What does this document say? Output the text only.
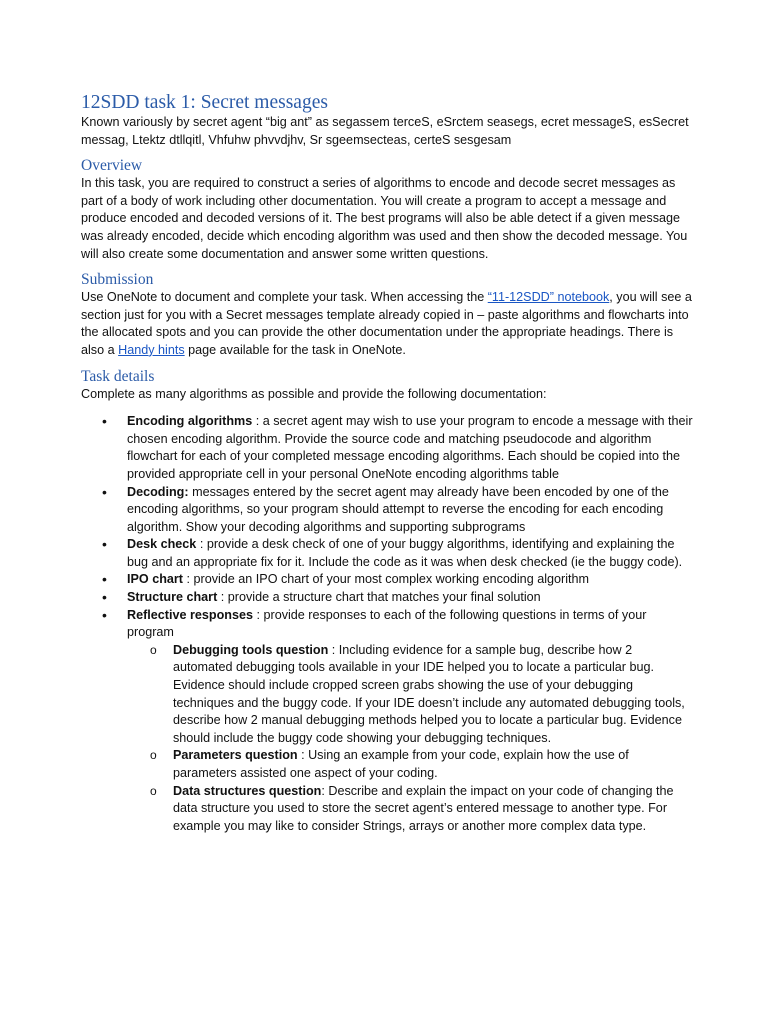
12SDD task 1: Secret messages

Known variously by secret agent “big ant” as segassem terceS, eSrctem seasegs, ecret messageS, esSecret messag, Ltektz dtllqitl, Vhfuhw phvvdjhv, Sr sgeemsecteas, certeS sesgesam

Overview

In this task, you are required to construct a series of algorithms to encode and decode secret messages as part of a body of work including other documentation. You will create a program to accept a message and produce encoded and decoded versions of it. The best programs will also be able detect if a given message was already encoded, decide which encoding algorithm was used and then show the decoded message. You will also create some documentation and answer some written questions.

Submission

Use OneNote to document and complete your task. When accessing the “11-12SDD” notebook, you will see a section just for you with a Secret messages template already copied in – paste algorithms and flowcharts into the allocated spots and you can provide the other documentation under the appropriate headings. There is also a Handy hints page available for the task in OneNote.

Task details

Complete as many algorithms as possible and provide the following documentation:

• Encoding algorithms : a secret agent may wish to use your program to encode a message with their chosen encoding algorithm. Provide the source code and matching pseudocode and algorithm flowchart for each of your completed message encoding algorithms. Each should be copied into the provided appropriate cell in your personal OneNote encoding algorithms table
• Decoding: messages entered by the secret agent may already have been encoded by one of the encoding algorithms, so your program should attempt to reverse the encoding for each encoding algorithm. Show your decoding algorithms and supporting subprograms
• Desk check : provide a desk check of one of your buggy algorithms, identifying and explaining the bug and an appropriate fix for it. Include the code as it was when desk checked (ie the buggy code).
• IPO chart : provide an IPO chart of your most complex working encoding algorithm
• Structure chart : provide a structure chart that matches your final solution
• Reflective responses : provide responses to each of the following questions in terms of your program
o Debugging tools question : Including evidence for a sample bug, describe how 2 automated debugging tools available in your IDE helped you to locate a particular bug. Evidence should include cropped screen grabs showing the use of your debugging techniques and the buggy code. If your IDE doesn’t include any automated debugging tools, describe how 2 manual debugging methods helped you to locate a particular bug. Evidence should include the buggy code showing your debugging techniques.
o Parameters question : Using an example from your code, explain how the use of parameters assisted one aspect of your coding.
o Data structures question: Describe and explain the impact on your code of changing the data structure you used to store the secret agent’s entered message to another type. For example you may like to consider Strings, arrays or another more complex data type.
